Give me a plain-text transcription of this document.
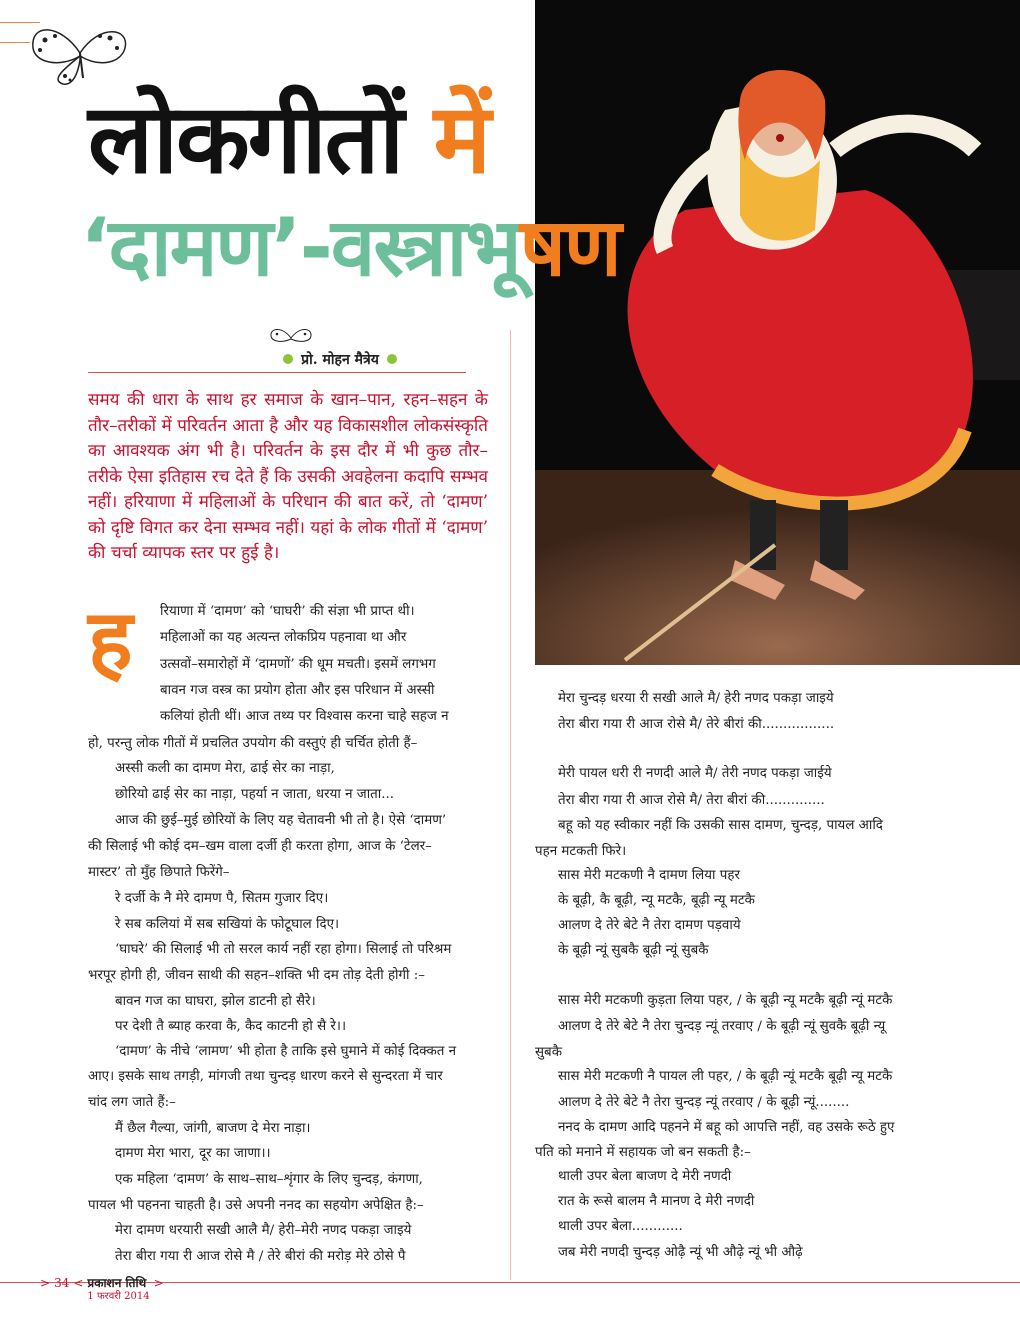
लोकगीतों में
‘दामण’-वस्त्राभूषण
प्रो. मोहन मैत्रेय
समय की धारा के साथ हर समाज के खान–पान, रहन–सहन के तौर–तरीकों में परिवर्तन आता है और यह विकासशील लोकसंस्कृति का आवश्यक अंग भी है। परिवर्तन के इस दौर में भी कुछ तौर–तरीके ऐसा इतिहास रच देते हैं कि उसकी अवहेलना कदापि सम्भव नहीं। हरियाणा में महिलाओं के परिधान की बात करें, तो ‘दामण’ को दृष्टि विगत कर देना सम्भव नहीं। यहां के लोक गीतों में ‘दामण’ की चर्चा व्यापक स्तर पर हुई है।
ह रियाणा में ‘दामण’ को ‘घाघरी’ की संज्ञा भी प्राप्त थी।
महिलाओं का यह अत्यन्त लोकप्रिय पहनावा था और
उत्सवों–समारोहों में ‘दामणों’ की धूम मचती। इसमें लगभग
बावन गज वस्त्र का प्रयोग होता और इस परिधान में अस्सी
कलियां होती थीं। आज तथ्य पर विश्वास करना चाहे सहज न
हो, परन्तु लोक गीतों में प्रचलित उपयोग की वस्तुएं ही चर्चित होती हैं–
अस्सी कली का दामण मेरा, ढाई सेर का नाड़ा,
छोरियो ढाई सेर का नाड़ा, पहर्या न जाता, धरया न जाता...
आज की छुई–मुई छोरियों के लिए यह चेतावनी भी तो है। ऐसे ‘दामण’
की सिलाई भी कोई दम–खम वाला दर्जी ही करता होगा, आज के ‘टेलर–
मास्टर’ तो मुँह छिपाते फिरेंगे–
रे दर्जी के नै मेरे दामण पै, सितम गुजार दिए।
रे सब कलियां में सब सखियां के फोटूघाल दिए।
‘घाघरे’ की सिलाई भी तो सरल कार्य नहीं रहा होगा। सिलाई तो परिश्रम
भरपूर होगी ही, जीवन साथी की सहन–शक्ति भी दम तोड़ देती होगी :–
बावन गज का घाघरा, झोल डाटनी हो सैरे।
पर देशी तै ब्याह करवा कै, कैद काटनी हो सै रे।।
‘दामण’ के नीचे ‘लामण’ भी होता है ताकि इसे घुमाने में कोई दिक्कत न
आए। इसके साथ तगड़ी, मांगजी तथा चुन्दड़ धारण करने से सुन्दरता में चार
चांद लग जाते हैं:–
मैं छैल गैल्या, जांगी, बाजण दे मेरा नाड़ा।
दामण मेरा भारा, दूर का जाणा।।
एक महिला ‘दामण’ के साथ–साथ–शृंगार के लिए चुन्दड़, कंगणा,
पायल भी पहनना चाहती है। उसे अपनी ननद का सहयोग अपेक्षित है:–
मेरा दामण धरयारी सखी आलै मै/ हेरी–मेरी नणद पकड़ा जाइये
तेरा बीरा गया री आज रोसे मै / तेरे बीरां की मरोड़ मेरे ठोसे पै
मेरा चुन्दड़ धरया री सखी आले मै/ हेरी नणद पकड़ा जाइये
तेरा बीरा गया री आज रोसे मै/ तेरे बीरां की.................
मेरी पायल धरी री नणदी आले मै/ तेरी नणद पकड़ा जाईये
तेरा बीरा गया री आज रोसे मै/ तेरा बीरां की..............
बहू को यह स्वीकार नहीं कि उसकी सास दामण, चुन्दड़, पायल आदि
पहन मटकती फिरे।
सास मेरी मटकणी नै दामण लिया पहर
के बूढ़ी, कै बूढ़ी, न्यू मटकै, बूढ़ी न्यू मटकै
आलण दे तेरे बेटे नै तेरा दामण पड़वाये
के बूढ़ी न्यूं सुबकै बूढ़ी न्यूं सुबकै
सास मेरी मटकणी कुड़ता लिया पहर, / के बूढ़ी न्यू मटकै बूढ़ी न्यूं मटकै
आलण दे तेरे बेटे नै तेरा चुन्दड़ न्यूं तरवाए / के बूढ़ी न्यूं सुवकै बूढ़ी न्यू
सुबकै
सास मेरी मटकणी नै पायल ली पहर, / के बूढ़ी न्यूं मटकै बूढ़ी न्यू मटकै
आलण दे तेरे बेटे नै तेरा चुन्दड़ न्यूं तरवाए / के बूढ़ी न्यूं........
ननद के दामण आदि पहनने में बहू को आपत्ति नहीं, वह उसके रूठे हुए
पति को मनाने में सहायक जो बन सकती है:–
थाली उपर बेला बाजण दे मेरी नणदी
रात के रूसे बालम नै मानण दे मेरी नणदी
थाली उपर बेला............
जब मेरी नणदी चुन्दड़ ओढ़ै न्यूं भी औढ़े न्यूं भी औढ़े
> 34 < प्रकाशन तिथि
1 फरवरी 2014
>
